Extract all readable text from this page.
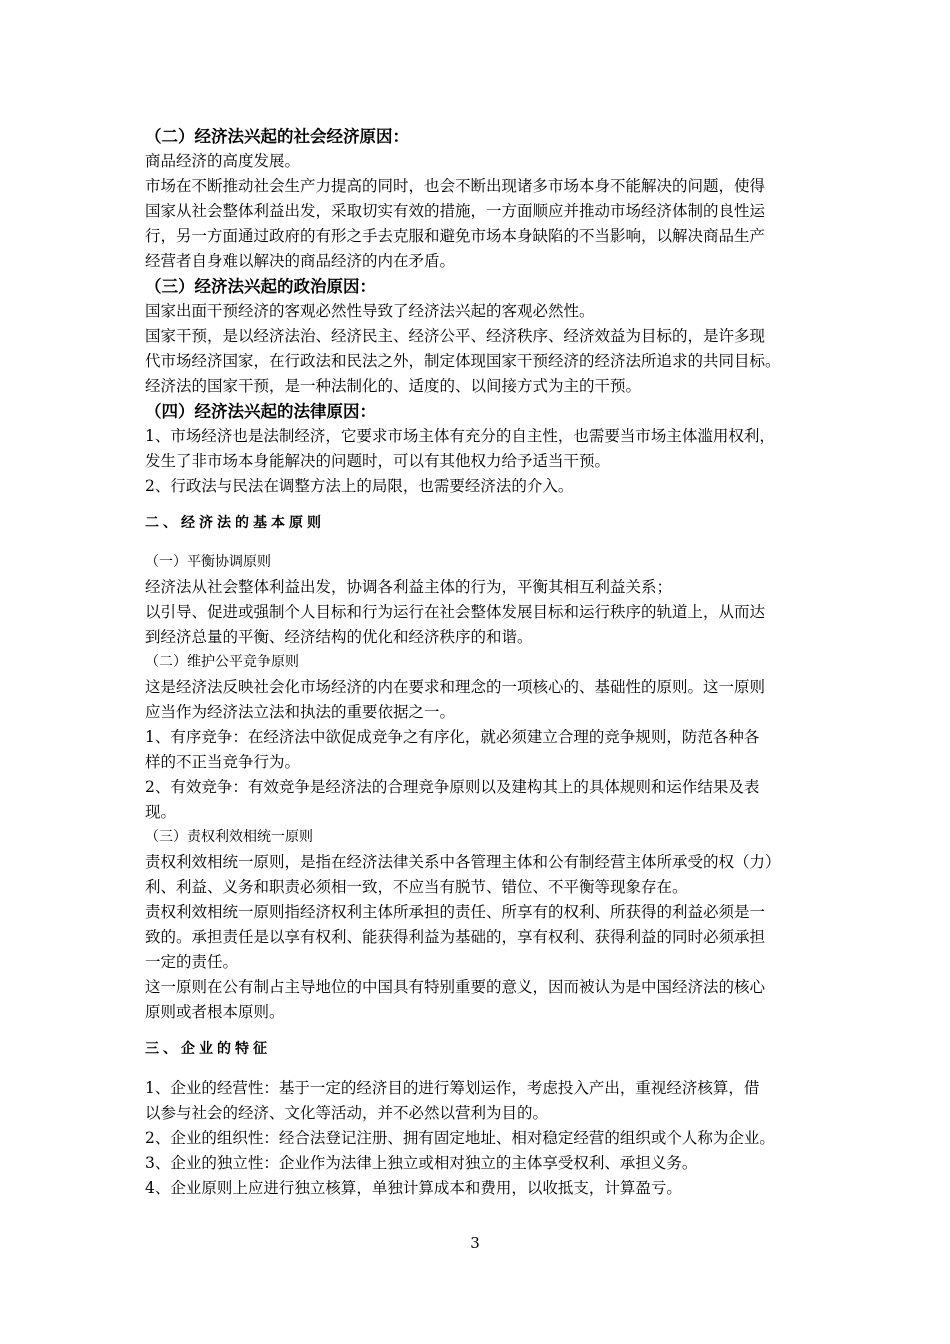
（二）经济法兴起的社会经济原因：
商品经济的高度发展。
市场在不断推动社会生产力提高的同时，也会不断出现诸多市场本身不能解决的问题，使得
国家从社会整体利益出发，采取切实有效的措施，一方面顺应并推动市场经济体制的良性运
行，另一方面通过政府的有形之手去克服和避免市场本身缺陷的不当影响，以解决商品生产
经营者自身难以解决的商品经济的内在矛盾。
（三）经济法兴起的政治原因：
国家出面干预经济的客观必然性导致了经济法兴起的客观必然性。
国家干预，是以经济法治、经济民主、经济公平、经济秩序、经济效益为目标的，是许多现
代市场经济国家，在行政法和民法之外，制定体现国家干预经济的经济法所追求的共同目标。
经济法的国家干预，是一种法制化的、适度的、以间接方式为主的干预。
（四）经济法兴起的法律原因：
1、市场经济也是法制经济，它要求市场主体有充分的自主性，也需要当市场主体滥用权利，
发生了非市场本身能解决的问题时，可以有其他权力给予适当干预。
2、行政法与民法在调整方法上的局限，也需要经济法的介入。
二、经济法的基本原则
（一）平衡协调原则
经济法从社会整体利益出发，协调各利益主体的行为，平衡其相互利益关系；
以引导、促进或强制个人目标和行为运行在社会整体发展目标和运行秩序的轨道上，从而达
到经济总量的平衡、经济结构的优化和经济秩序的和谐。
（二）维护公平竞争原则
这是经济法反映社会化市场经济的内在要求和理念的一项核心的、基础性的原则。这一原则
应当作为经济法立法和执法的重要依据之一。
1、有序竞争：在经济法中欲促成竞争之有序化，就必须建立合理的竞争规则，防范各种各
样的不正当竞争行为。
2、有效竞争：有效竞争是经济法的合理竞争原则以及建构其上的具体规则和运作结果及表
现。
（三）责权利效相统一原则
责权利效相统一原则，是指在经济法律关系中各管理主体和公有制经营主体所承受的权（力）
利、利益、义务和职责必须相一致，不应当有脱节、错位、不平衡等现象存在。
责权利效相统一原则指经济权利主体所承担的责任、所享有的权利、所获得的利益必须是一
致的。承担责任是以享有权利、能获得利益为基础的，享有权利、获得利益的同时必须承担
一定的责任。
这一原则在公有制占主导地位的中国具有特别重要的意义，因而被认为是中国经济法的核心
原则或者根本原则。
三、企业的特征
1、企业的经营性：基于一定的经济目的进行筹划运作，考虑投入产出，重视经济核算，借
以参与社会的经济、文化等活动，并不必然以营利为目的。
2、企业的组织性：经合法登记注册、拥有固定地址、相对稳定经营的组织或个人称为企业。
3、企业的独立性：企业作为法律上独立或相对独立的主体享受权利、承担义务。
4、企业原则上应进行独立核算，单独计算成本和费用，以收抵支，计算盈亏。
3
